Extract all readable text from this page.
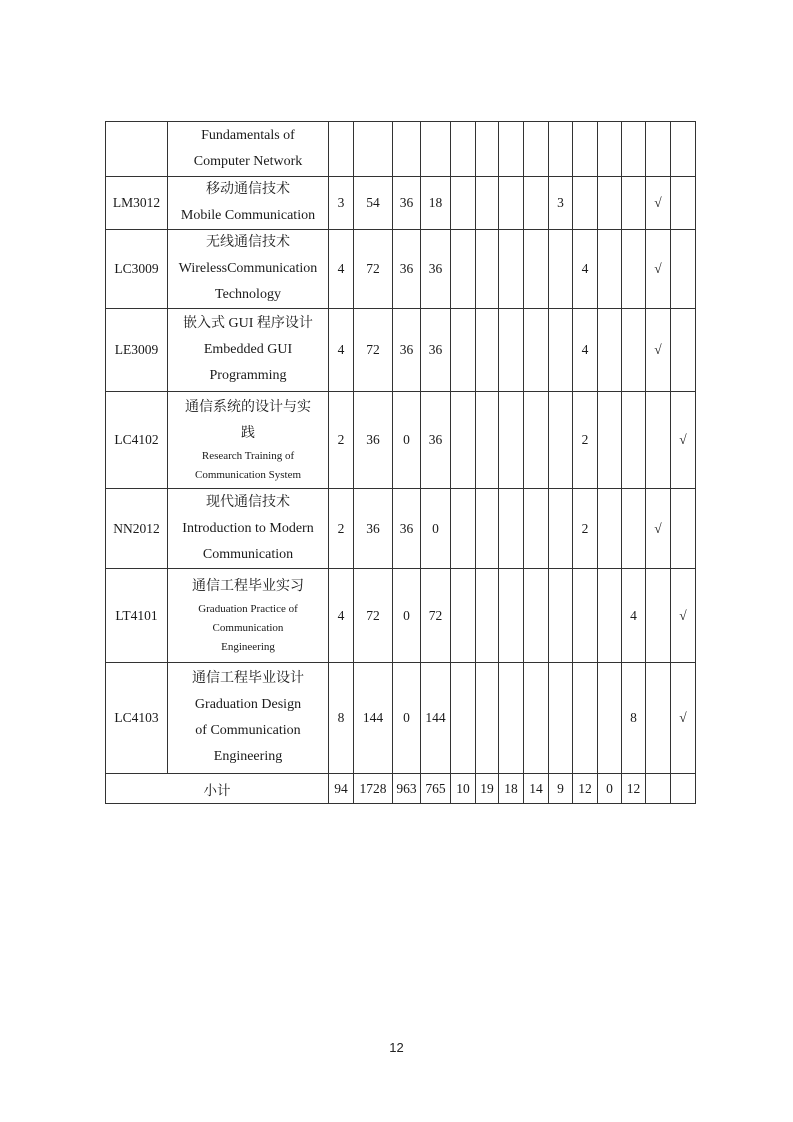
	Fundamentals of
Computer Network														

LM3012	移动通信技术
Mobile Communication	3	54	36	18					3				√	
LC3009	无线通信技术
WirelessCommunication
Technology	4	72	36	36						4			√	
LE3009	嵌入式 GUI 程序设计
Embedded GUI
Programming	4	72	36	36						4			√	
LC4102	通信系统的设计与实
践
Research Training of
Communication System	2	36	0	36						2				√
NN2012	现代通信技术
Introduction to Modern
Communication	2	36	36	0						2			√	
LT4101	通信工程毕业实习
Graduation Practice of
Communication
Engineering	4	72	0	72								4		√
LC4103	通信工程毕业设计
Graduation Design
of Communication
Engineering	8	144	0	144								8		√
小计		94	1728	963	765	10	19	18	14	9	12	0	12		
12
